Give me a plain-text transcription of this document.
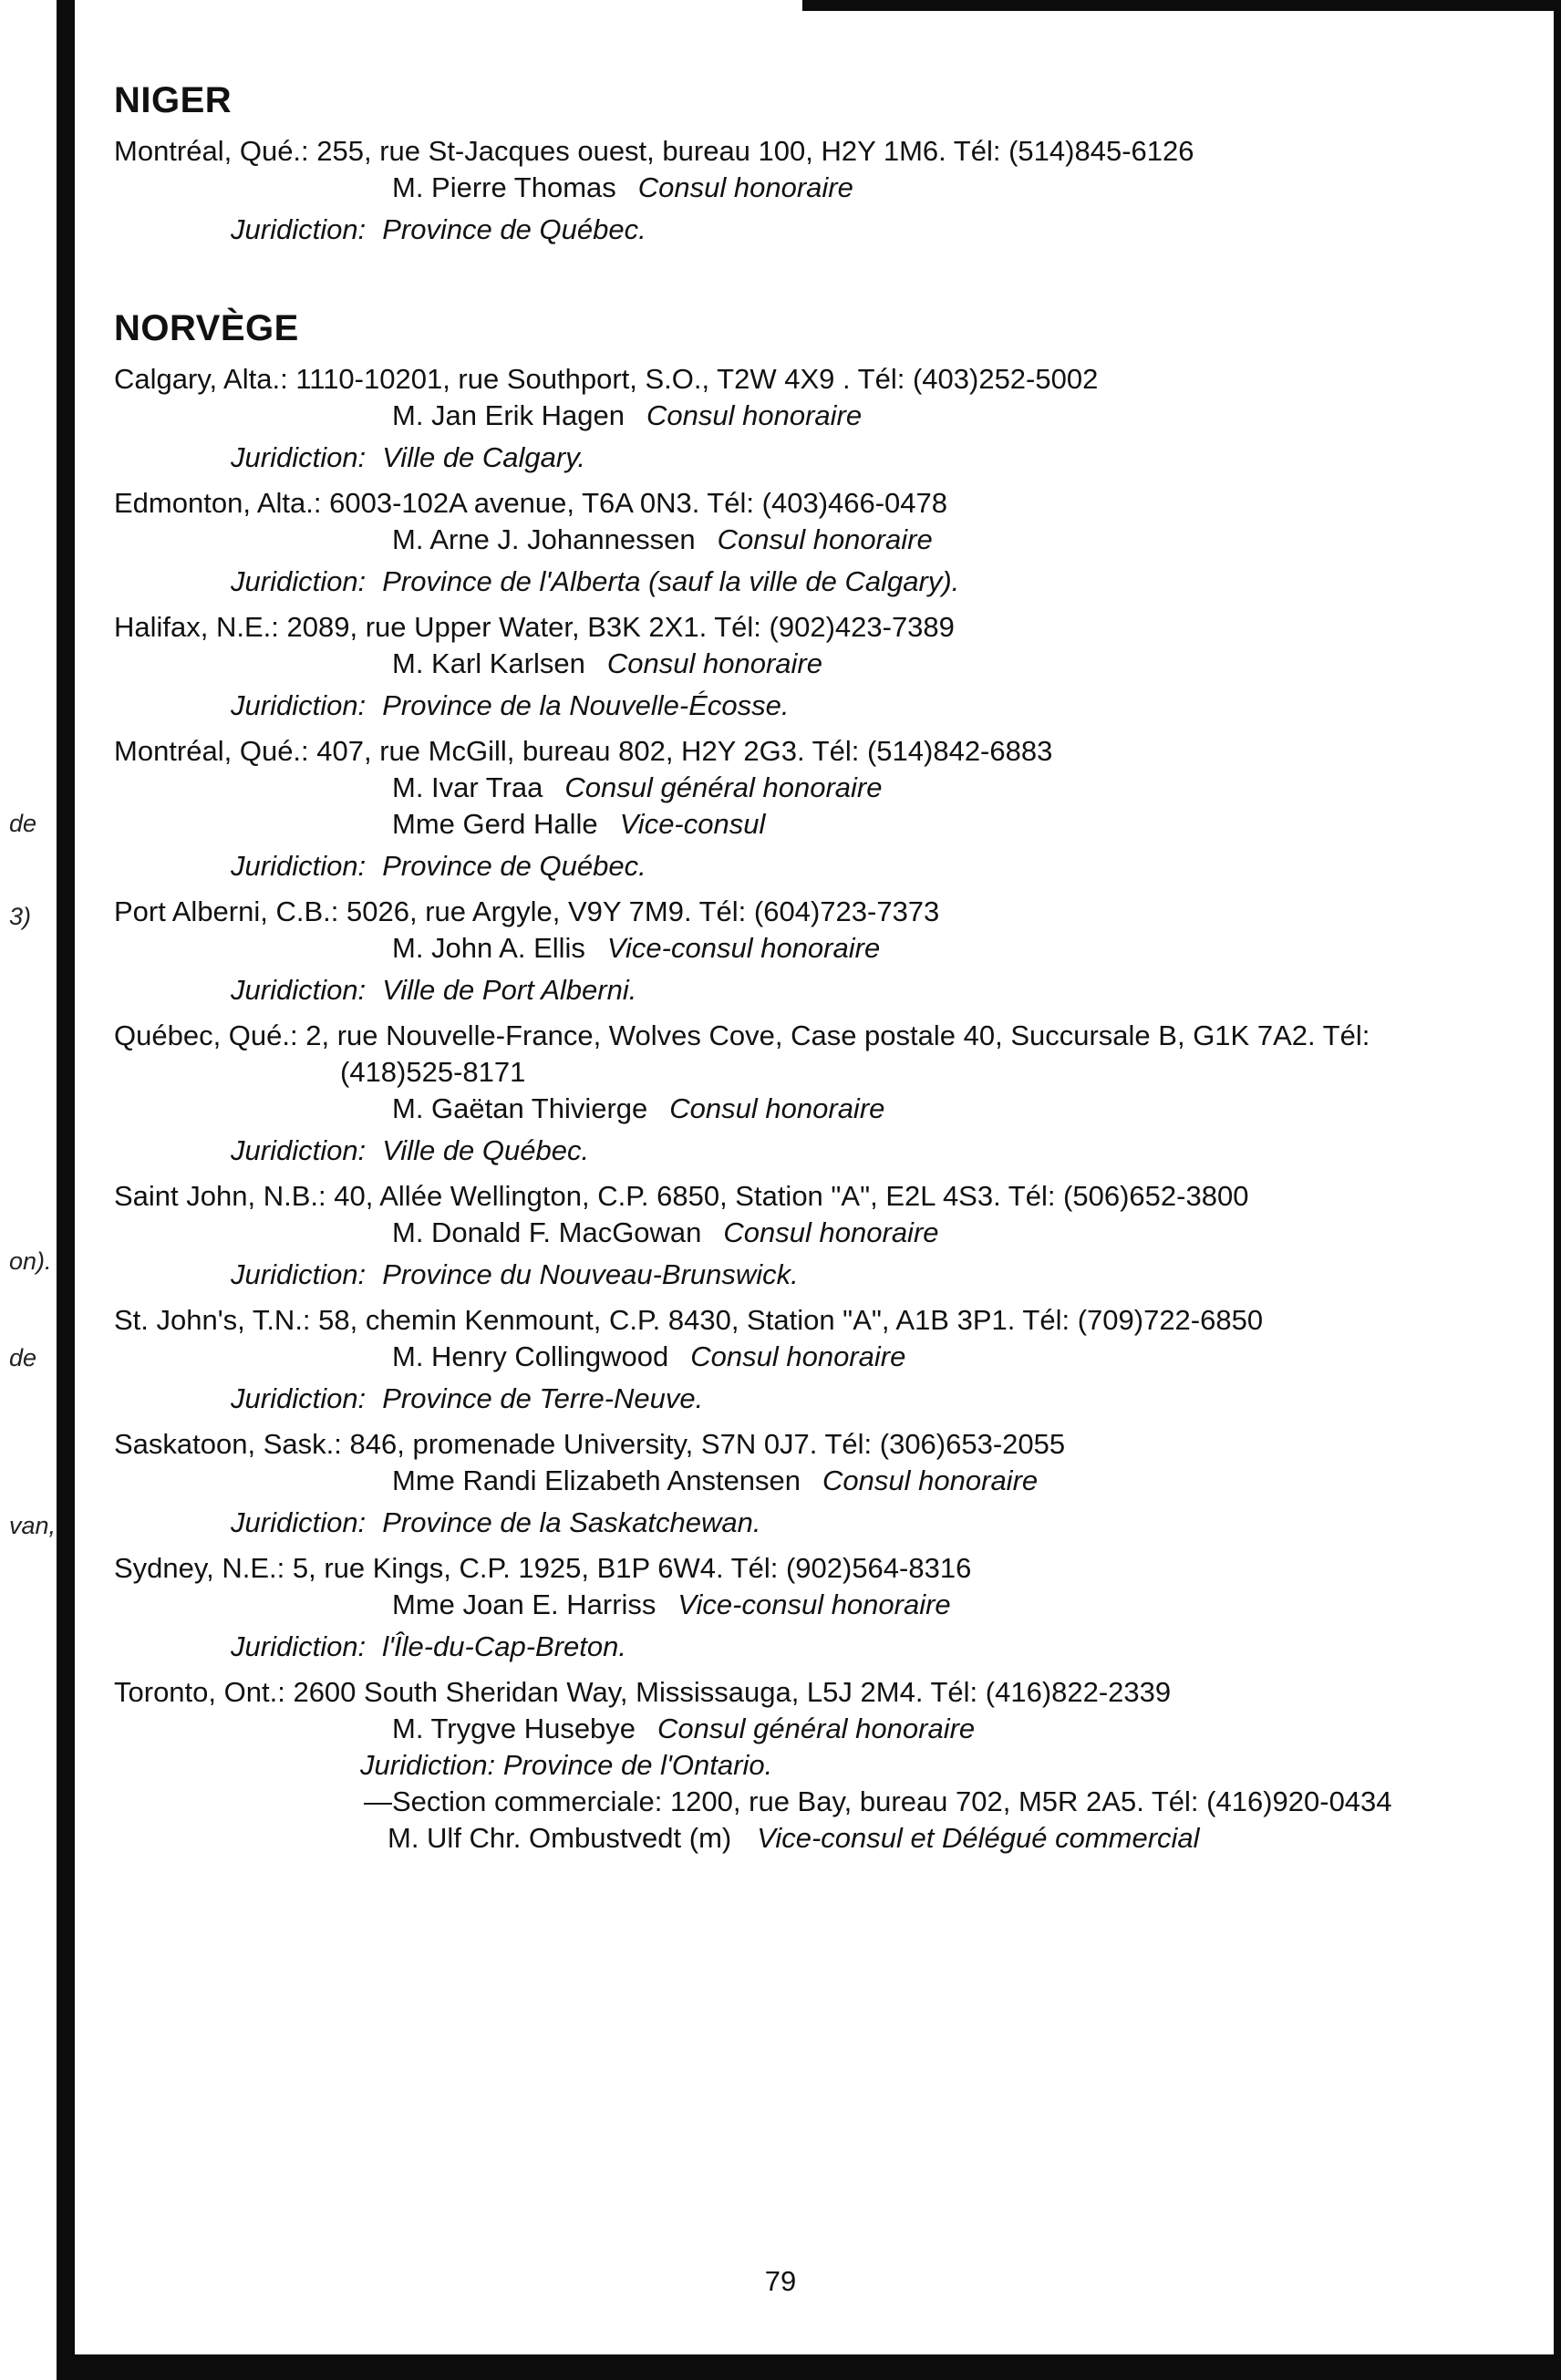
de
3)
on).
de
van,
NIGER

Montréal, Qué.: 255, rue St-Jacques ouest, bureau 100, H2Y 1M6. Tél: (514)845-6126

M. Pierre Thomas Consul honoraire

Juridiction: Province de Québec.

NORVÈGE

Calgary, Alta.: 1110-10201, rue Southport, S.O., T2W 4X9 . Tél: (403)252-5002

M. Jan Erik Hagen Consul honoraire

Juridiction: Ville de Calgary.

Edmonton, Alta.: 6003-102A avenue, T6A 0N3. Tél: (403)466-0478

M. Arne J. Johannessen Consul honoraire

Juridiction: Province de l'Alberta (sauf la ville de Calgary).

Halifax, N.E.: 2089, rue Upper Water, B3K 2X1. Tél: (902)423-7389

M. Karl Karlsen Consul honoraire

Juridiction: Province de la Nouvelle-Écosse.

Montréal, Qué.: 407, rue McGill, bureau 802, H2Y 2G3. Tél: (514)842-6883

M. Ivar Traa Consul général honoraire

Mme Gerd Halle Vice-consul

Juridiction: Province de Québec.

Port Alberni, C.B.: 5026, rue Argyle, V9Y 7M9. Tél: (604)723-7373

M. John A. Ellis Vice-consul honoraire

Juridiction: Ville de Port Alberni.

Québec, Qué.: 2, rue Nouvelle-France, Wolves Cove, Case postale 40, Succursale B, G1K 7A2. Tél: (418)525-8171

M. Gaëtan Thivierge Consul honoraire

Juridiction: Ville de Québec.

Saint John, N.B.: 40, Allée Wellington, C.P. 6850, Station "A", E2L 4S3. Tél: (506)652-3800

M. Donald F. MacGowan Consul honoraire

Juridiction: Province du Nouveau-Brunswick.

St. John's, T.N.: 58, chemin Kenmount, C.P. 8430, Station "A", A1B 3P1. Tél: (709)722-6850

M. Henry Collingwood Consul honoraire

Juridiction: Province de Terre-Neuve.

Saskatoon, Sask.: 846, promenade University, S7N 0J7. Tél: (306)653-2055

Mme Randi Elizabeth Anstensen Consul honoraire

Juridiction: Province de la Saskatchewan.

Sydney, N.E.: 5, rue Kings, C.P. 1925, B1P 6W4. Tél: (902)564-8316

Mme Joan E. Harriss Vice-consul honoraire

Juridiction: l'Île-du-Cap-Breton.

Toronto, Ont.: 2600 South Sheridan Way, Mississauga, L5J 2M4. Tél: (416)822-2339

M. Trygve Husebye Consul général honoraire

Juridiction: Province de l'Ontario.

—Section commerciale: 1200, rue Bay, bureau 702, M5R 2A5. Tél: (416)920-0434

M. Ulf Chr. Ombustvedt (m) Vice-consul et Délégué commercial

79
